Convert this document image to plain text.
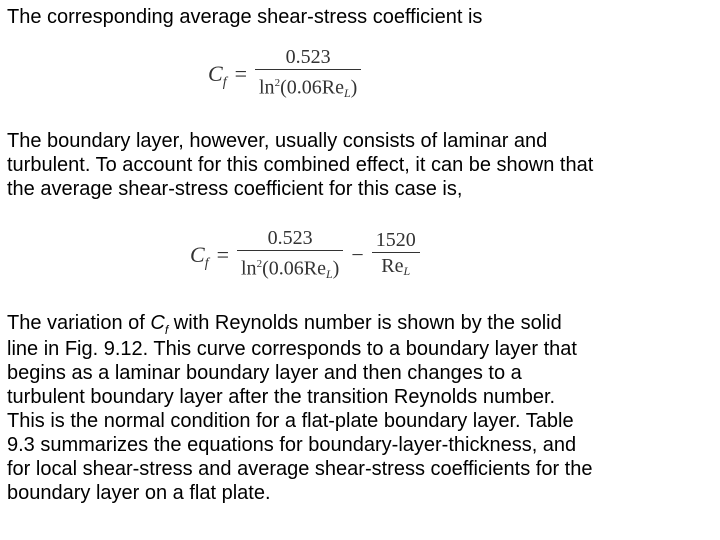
The corresponding average shear-stress coefficient is
$C_f = \frac{0.523}{\ln^2(0.06ReL)}$
The boundary layer, however, usually consists of laminar and
turbulent. To account for this combined effect, it can be shown that
the average shear-stress coefficient for this case is,
$C_f = \frac{0.523}{\ln^2(0.06ReL)} - \frac{1520}{\text{ReL}}$
The variation of $C_f$ with Reynolds number is shown by the solid
line in Fig. 9.12. This curve corresponds to a boundary layer that
begins as a laminar boundary layer and then changes to a
turbulent boundary layer after the transition Reynolds number.
This is the normal condition for a flat-plate boundary layer. Table
9.3 summarizes the equations for boundary-layer-thickness, and
for local shear-stress and average shear-stress coefficients for the
boundary layer on a flat plate.
